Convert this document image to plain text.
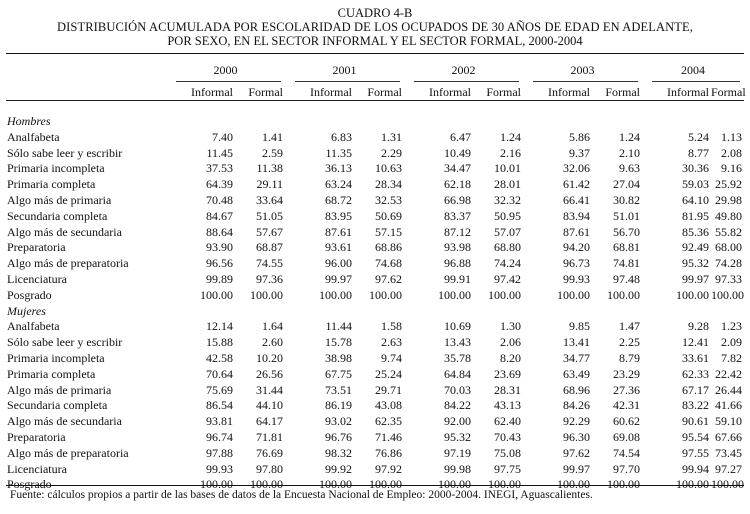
CUADRO 4-B
DISTRIBUCIÓN ACUMULADA POR ESCOLARIDAD DE LOS OCUPADOS DE 30 AÑOS DE EDAD EN ADELANTE,
POR SEXO, EN EL SECTOR INFORMAL Y EL SECTOR FORMAL, 2000-2004
2000	2001	2002	2003	2004
Informal	Formal	Informal	Formal	Informal	Formal	Informal	Formal	Informal Formal
Hombres										
Analfabeta	7.40	1.41	6.83	1.31	6.47	1.24	5.86	1.24	5.24	1.13
Sólo sabe leer y escribir	11.45	2.59	11.35	2.29	10.49	2.16	9.37	2.10	8.77	2.08
Primaria incompleta	37.53	11.38	36.13	10.63	34.47	10.01	32.06	9.63	30.36	9.16
Primaria completa	64.39	29.11	63.24	28.34	62.18	28.01	61.42	27.04	59.03	25.92
Algo más de primaria	70.48	33.64	68.72	32.53	66.98	32.32	66.41	30.82	64.10	29.98
Secundaria completa	84.67	51.05	83.95	50.69	83.37	50.95	83.94	51.01	81.95	49.80
Algo más de secundaria	88.64	57.67	87.61	57.15	87.12	57.07	87.61	56.70	85.36	55.82
Preparatoria	93.90	68.87	93.61	68.86	93.98	68.80	94.20	68.81	92.49	68.00
Algo más de preparatoria	96.56	74.55	96.00	74.68	96.88	74.24	96.73	74.81	95.32	74.28
Licenciatura	99.89	97.36	99.97	97.62	99.91	97.42	99.93	97.48	99.97	97.33
Posgrado	100.00	100.00	100.00	100.00	100.00	100.00	100.00	100.00	100.00	100.00
Mujeres										
Analfabeta	12.14	1.64	11.44	1.58	10.69	1.30	9.85	1.47	9.28	1.23
Sólo sabe leer y escribir	15.88	2.60	15.78	2.63	13.43	2.06	13.41	2.25	12.41	2.09
Primaria incompleta	42.58	10.20	38.98	9.74	35.78	8.20	34.77	8.79	33.61	7.82
Primaria completa	70.64	26.56	67.75	25.24	64.84	23.69	63.49	23.29	62.33	22.42
Algo más de primaria	75.69	31.44	73.51	29.71	70.03	28.31	68.96	27.36	67.17	26.44
Secundaria completa	86.54	44.10	86.19	43.08	84.22	43.13	84.26	42.31	83.22	41.66
Algo más de secundaria	93.81	64.17	93.02	62.35	92.00	62.40	92.29	60.62	90.61	59.10
Preparatoria	96.74	71.81	96.76	71.46	95.32	70.43	96.30	69.08	95.54	67.66
Algo más de preparatoria	97.88	76.69	98.32	76.86	97.19	75.08	97.62	74.54	97.55	73.45
Licenciatura	99.93	97.80	99.92	97.92	99.98	97.75	99.97	97.70	99.94	97.27
Posgrado	100.00	100.00	100.00	100.00	100.00	100.00	100.00	100.00	100.00	100.00
Fuente: cálculos propios a partir de las bases de datos de la Encuesta Nacional de Empleo: 2000-2004. INEGI, Aguascalientes.
